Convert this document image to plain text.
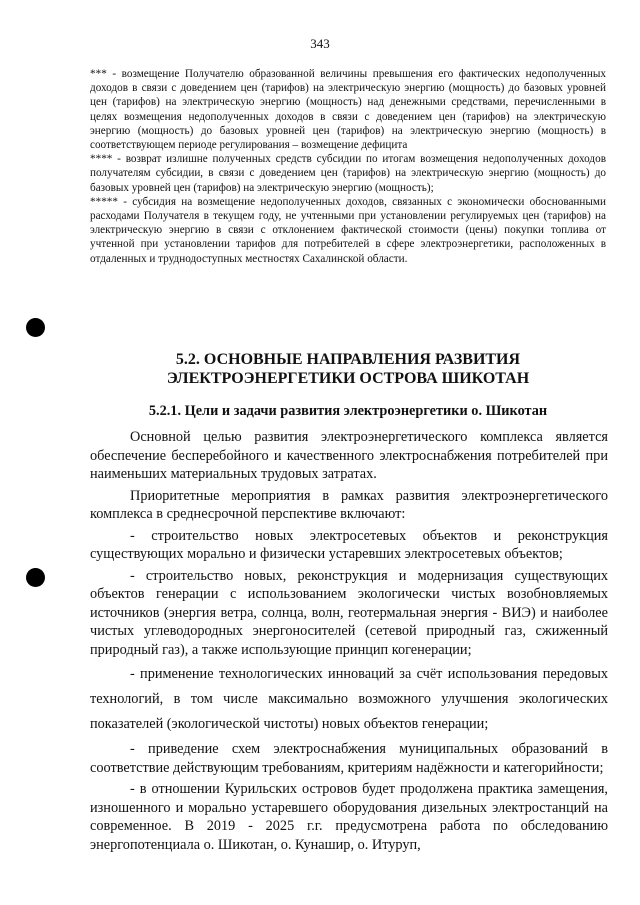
343

*** - возмещение Получателю образованной величины превышения его фактических недополученных доходов в связи с доведением цен (тарифов) на электрическую энергию (мощность) до базовых уровней цен (тарифов) на электрическую энергию (мощность) над денежными средствами, перечисленными в целях возмещения недополученных доходов в связи с доведением цен (тарифов) на электрическую энергию (мощность) до базовых уровней цен (тарифов) на электрическую энергию (мощность) в соответствующем периоде регулирования – возмещение дефицита

**** - возврат излишне полученных средств субсидии по итогам возмещения недополученных доходов получателям субсидии, в связи с доведением цен (тарифов) на электрическую энергию (мощность) до базовых уровней цен (тарифов) на электрическую энергию (мощность);

***** - субсидия на возмещение недополученных доходов, связанных с экономически обоснованными расходами Получателя в текущем году, не учтенными при установлении регулируемых цен (тарифов) на электрическую энергию в связи с отклонением фактической стоимости (цены) покупки топлива от учтенной при установлении тарифов для потребителей в сфере электроэнергетики, расположенных в отдаленных и труднодоступных местностях Сахалинской области.

5.2. ОСНОВНЫЕ НАПРАВЛЕНИЯ РАЗВИТИЯ
ЭЛЕКТРОЭНЕРГЕТИКИ ОСТРОВА ШИКОТАН
5.2.1. Цели и задачи развития электроэнергетики о. Шикотан

Основной целью развития электроэнергетического комплекса является обеспечение бесперебойного и качественного электроснабжения потребителей при наименьших материальных трудовых затратах.

Приоритетные мероприятия в рамках развития электроэнергетического комплекса в среднесрочной перспективе включают:

- строительство новых электросетевых объектов и реконструкция существующих морально и физически устаревших электросетевых объектов;

- строительство новых, реконструкция и модернизация существующих объектов генерации с использованием экологически чистых возобновляемых источников (энергия ветра, солнца, волн, геотермальная энергия - ВИЭ) и наиболее чистых углеводородных энергоносителей (сетевой природный газ, сжиженный природный газ), а также использующие принцип когенерации;

- применение технологических инноваций за счёт использования передовых технологий, в том числе максимально возможного улучшения экологических показателей (экологической чистоты) новых объектов генерации;

- приведение схем электроснабжения муниципальных образований в соответствие действующим требованиям, критериям надёжности и категорийности;

- в отношении Курильских островов будет продолжена практика замещения, изношенного и морально устаревшего оборудования дизельных электростанций на современное. В 2019 - 2025 г.г. предусмотрена работа по обследованию энергопотенциала о. Шикотан, о. Кунашир, о. Итуруп,
